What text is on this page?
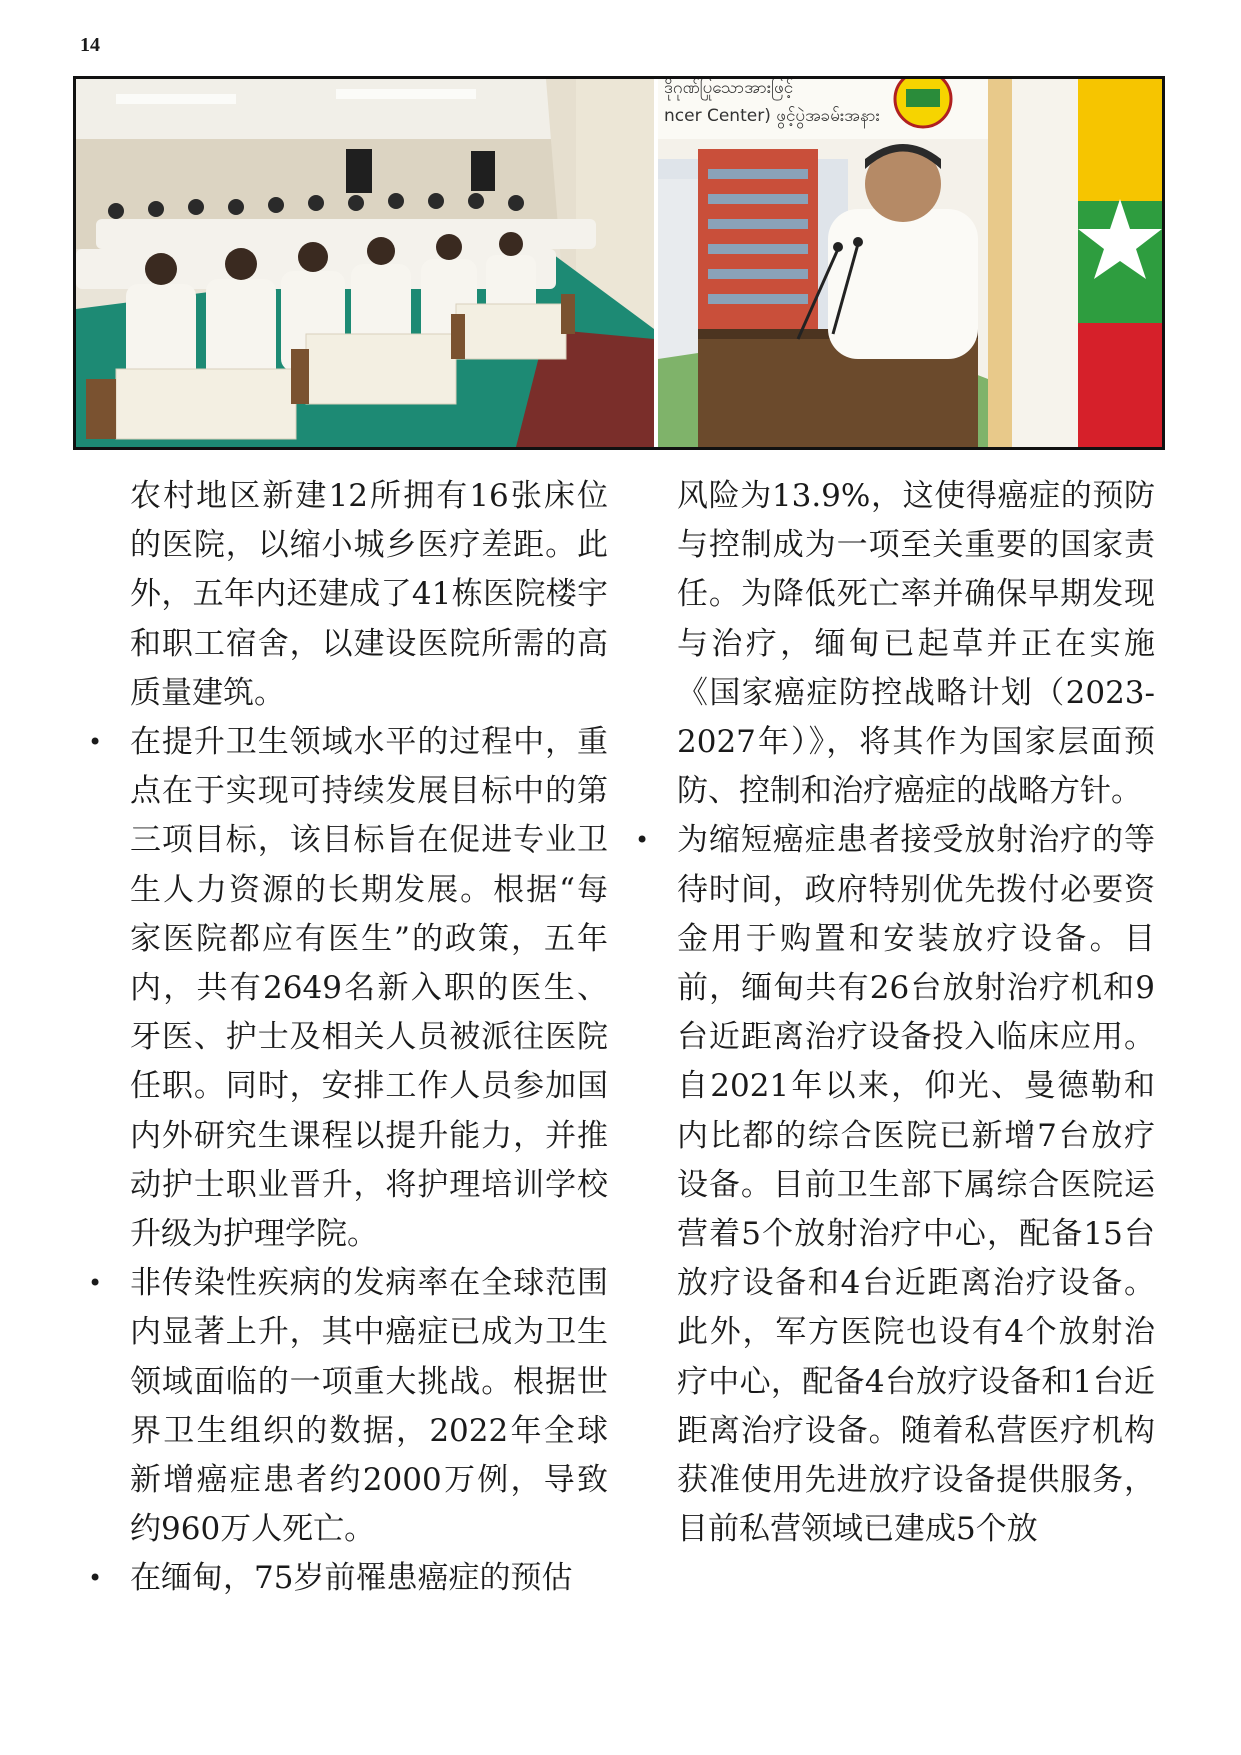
14
ဒိုဂုဏ်ပြုသောအားဖြင့်
ncer Center) ဖွင့်ပွဲအခမ်းအနား

农村地区新建12所拥有16张床位的医院，以缩小城乡医疗差距。此外，五年内还建成了41栋医院楼宇和职工宿舍，以建设医院所需的高质量建筑。

• 在提升卫生领域水平的过程中，重点在于实现可持续发展目标中的第三项目标，该目标旨在促进专业卫生人力资源的长期发展。根据“每家医院都应有医生”的政策，五年内，共有2649名新入职的医生、牙医、护士及相关人员被派往医院任职。同时，安排工作人员参加国内外研究生课程以提升能力，并推动护士职业晋升，将护理培训学校升级为护理学院。

• 非传染性疾病的发病率在全球范围内显著上升，其中癌症已成为卫生领域面临的一项重大挑战。根据世界卫生组织的数据，2022年全球新增癌症患者约2000万例，导致约960万人死亡。

• 在缅甸，75岁前罹患癌症的预估

风险为13.9%，这使得癌症的预防与控制成为一项至关重要的国家责任。为降低死亡率并确保早期发现与治疗，缅甸已起草并正在实施《国家癌症防控战略计划（2023-2027年）》，将其作为国家层面预防、控制和治疗癌症的战略方针。

• 为缩短癌症患者接受放射治疗的等待时间，政府特别优先拨付必要资金用于购置和安装放疗设备。目前，缅甸共有26台放射治疗机和9台近距离治疗设备投入临床应用。自2021年以来，仰光、曼德勒和内比都的综合医院已新增7台放疗设备。目前卫生部下属综合医院运营着5个放射治疗中心，配备15台放疗设备和4台近距离治疗设备。此外，军方医院也设有4个放射治疗中心，配备4台放疗设备和1台近距离治疗设备。随着私营医疗机构获准使用先进放疗设备提供服务，目前私营领域已建成5个放
